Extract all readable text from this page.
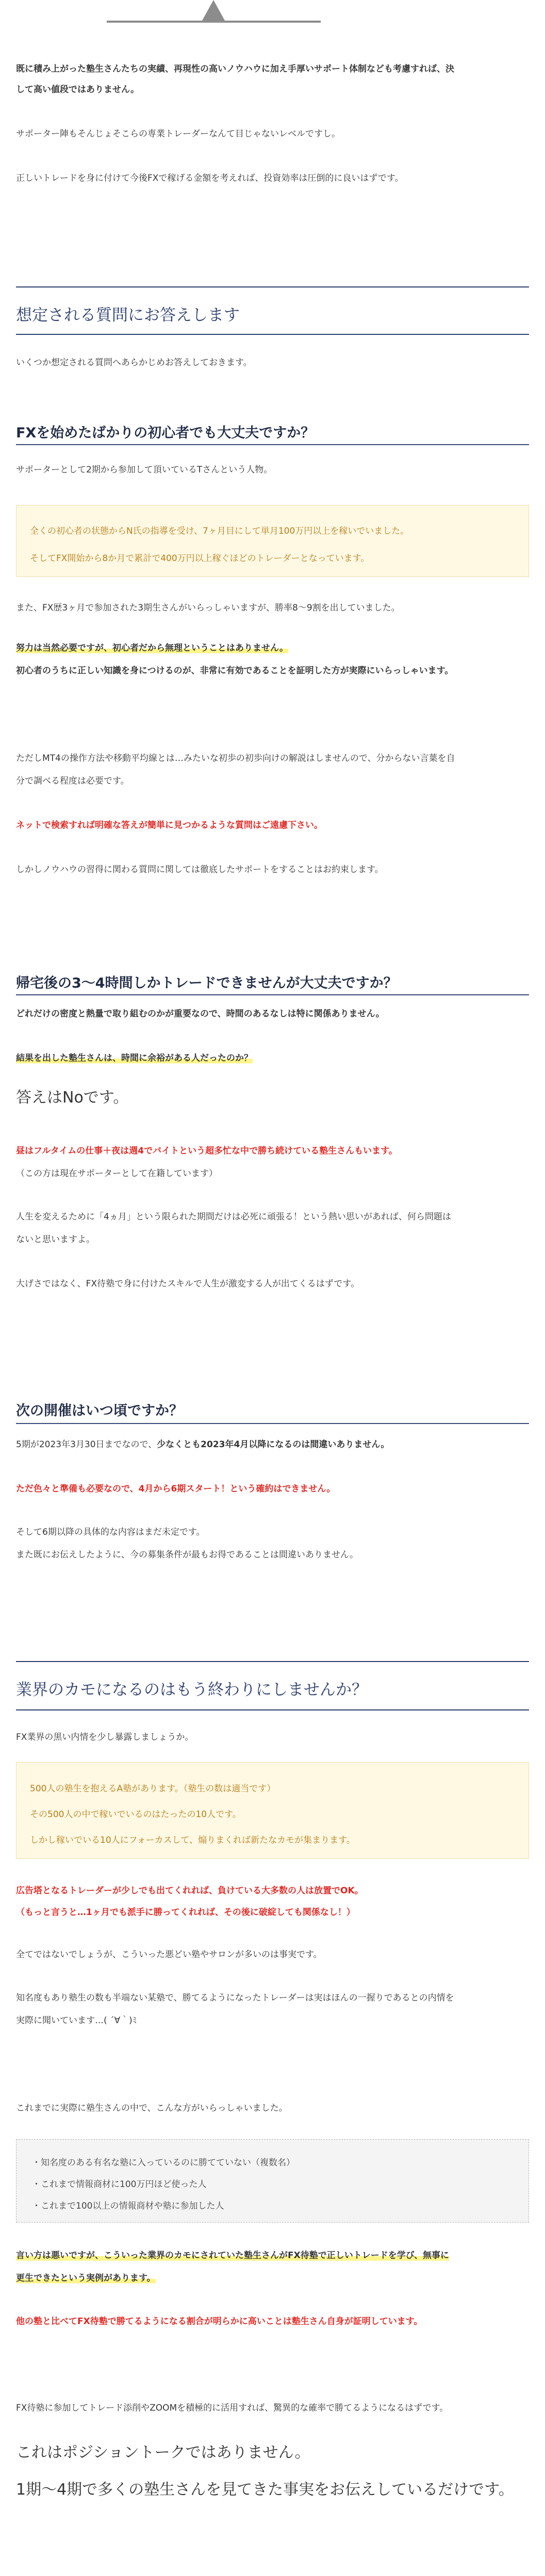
既に積み上がった塾生さんたちの実績、再現性の高いノウハウに加え手厚いサポート体制なども考慮すれば、決

して高い値段ではありません。

サポーター陣もそんじょそこらの専業トレーダーなんて目じゃないレベルですし。

正しいトレードを身に付けて今後FXで稼げる金額を考えれば、投資効率は圧倒的に良いはずです。

想定される質問にお答えします

いくつか想定される質問へあらかじめお答えしておきます。

FXを始めたばかりの初心者でも大丈夫ですか？

サポーターとして2期から参加して頂いているTさんという人物。

全くの初心者の状態からN氏の指導を受け、7ヶ月目にして単月100万円以上を稼いでいました。
そしてFX開始から8か月で累計で400万円以上稼ぐほどのトレーダーとなっています。

また、FX歴3ヶ月で参加された3期生さんがいらっしゃいますが、勝率8～9割を出していました。

努力は当然必要ですが、初心者だから無理ということはありません。

初心者のうちに正しい知識を身につけるのが、非常に有効であることを証明した方が実際にいらっしゃいます。

ただしMT4の操作方法や移動平均線とは…みたいな初歩の初歩向けの解説はしませんので、分からない言葉を自

分で調べる程度は必要です。

ネットで検索すれば明確な答えが簡単に見つかるような質問はご遠慮下さい。

しかしノウハウの習得に関わる質問に関しては徹底したサポートをすることはお約束します。

帰宅後の3〜4時間しかトレードできませんが大丈夫ですか？

どれだけの密度と熱量で取り組むのかが重要なので、時間のあるなしは特に関係ありません。

結果を出した塾生さんは、時間に余裕がある人だったのか？

答えはNoです。

昼はフルタイムの仕事＋夜は週4でバイトという超多忙な中で勝ち続けている塾生さんもいます。

（この方は現在サポーターとして在籍しています）

人生を変えるために「4ヵ月」という限られた期間だけは必死に頑張る！という熱い思いがあれば、何ら問題は

ないと思いますよ。

大げさではなく、FX待塾で身に付けたスキルで人生が激変する人が出てくるはずです。

次の開催はいつ頃ですか？

5期が2023年3月30日までなので、少なくとも2023年4月以降になるのは間違いありません。

ただ色々と準備も必要なので、4月から6期スタート！という確約はできません。

そして6期以降の具体的な内容はまだ未定です。

また既にお伝えしたように、今の募集条件が最もお得であることは間違いありません。

業界のカモになるのはもう終わりにしませんか？

FX業界の黒い内情を少し暴露しましょうか。

500人の塾生を抱えるA塾があります。（塾生の数は適当です）
その500人の中で稼いでいるのはたったの10人です。
しかし稼いでいる10人にフォーカスして、煽りまくれば新たなカモが集まります。

広告塔となるトレーダーが少しでも出てくれれば、負けている大多数の人は放置でOK。

（もっと言うと…1ヶ月でも派手に勝ってくれれば、その後に破綻しても関係なし！）

全てではないでしょうが、こういった悪どい塾やサロンが多いのは事実です。

知名度もあり塾生の数も半端ない某塾で、勝てるようになったトレーダーは実はほんの一握りであるとの内情を

実際に聞いています…( ´∀｀)ﾐ

これまでに実際に塾生さんの中で、こんな方がいらっしゃいました。

・知名度のある有名な塾に入っているのに勝てていない（複数名）
・これまで情報商材に100万円ほど使った人
・これまで100以上の情報商材や塾に参加した人

言い方は悪いですが、こういった業界のカモにされていた塾生さんがFX待塾で正しいトレードを学び、無事に

更生できたという実例があります。

他の塾と比べてFX待塾で勝てるようになる割合が明らかに高いことは塾生さん自身が証明しています。

FX待塾に参加してトレード添削やZOOMを積極的に活用すれば、驚異的な確率で勝てるようになるはずです。

これはポジショントークではありません。

1期〜4期で多くの塾生さんを見てきた事実をお伝えしているだけです。
